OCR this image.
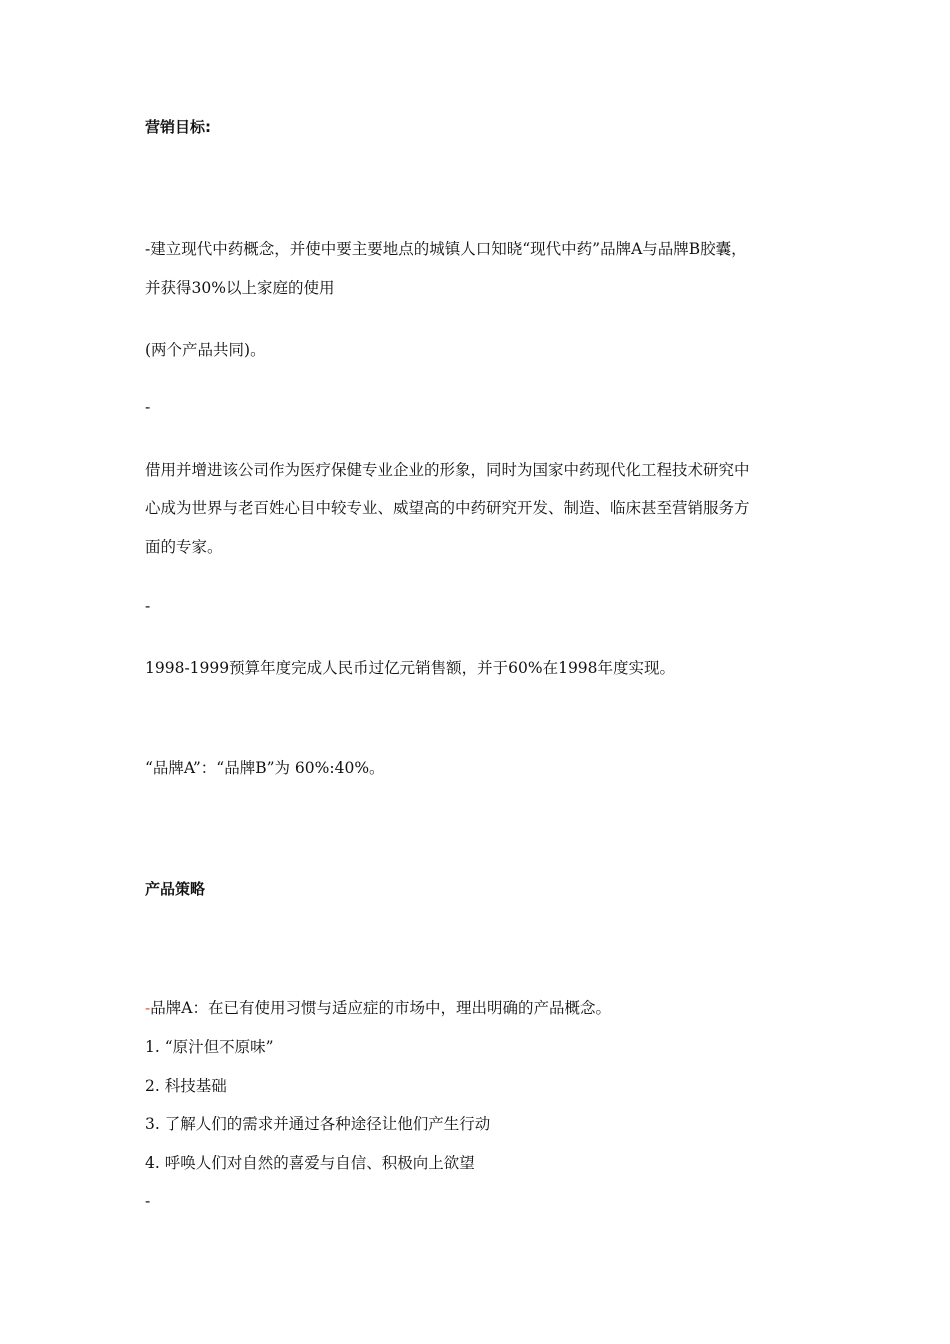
营销目标:
-建立现代中药概念，并使中要主要地点的城镇人口知晓“现代中药”品牌A与品牌B胶囊，
并获得30%以上家庭的使用
(两个产品共同)。
-
借用并增进该公司作为医疗保健专业企业的形象，同时为国家中药现代化工程技术研究中
心成为世界与老百姓心目中较专业、威望高的中药研究开发、制造、临床甚至营销服务方
面的专家。
-
1998-1999预算年度完成人民币过亿元销售额，并于60%在1998年度实现。
“品牌A”：“品牌B”为 60%:40%。
产品策略
-品牌A：在已有使用习惯与适应症的市场中，理出明确的产品概念。
1. “原汁但不原味”
2. 科技基础
3. 了解人们的需求并通过各种途径让他们产生行动
4. 呼唤人们对自然的喜爱与自信、积极向上欲望
-
